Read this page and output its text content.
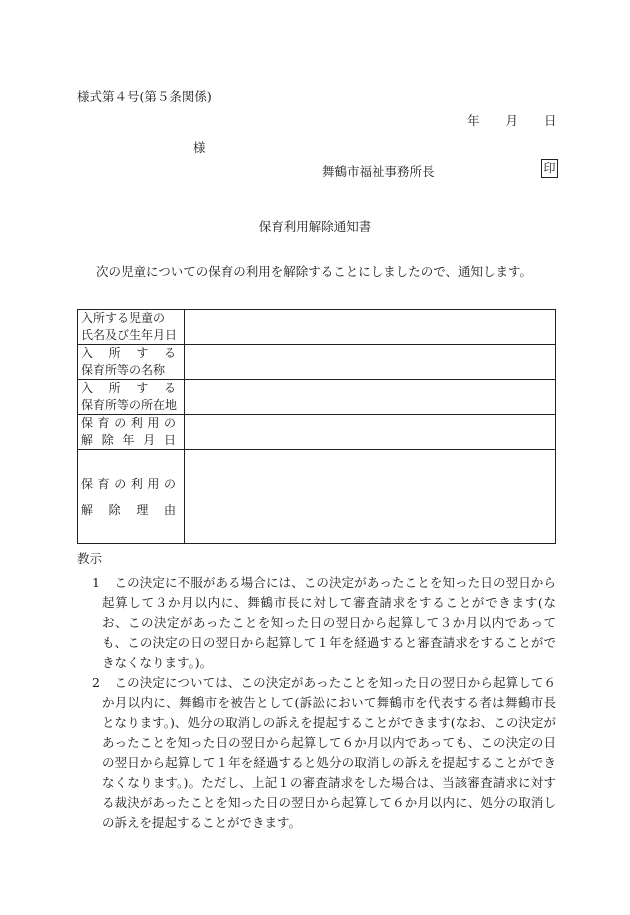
様式第４号(第５条関係)
年 月 日
様
舞鶴市福祉事務所長	印
保育利用解除通知書
次の児童についての保育の利用を解除することにしましたので、通知します。
入所する児童の
氏名及び生年月日	

入　所　す　る
保育所等の名称	

入　所　す　る
保育所等の所在地	

保育の利用の
解除年月日	

保育の利用の
解除理由	

教示
1	この決定に不服がある場合には、この決定があったことを知った日の翌日から起算して３か月以内に、舞鶴市長に対して審査請求をすることができます(なお、この決定があったことを知った日の翌日から起算して３か月以内であっても、この決定の日の翌日から起算して１年を経過すると審査請求をすることができなくなります。)。
2	この決定については、この決定があったことを知った日の翌日から起算して６か月以内に、舞鶴市を被告として(訴訟において舞鶴市を代表する者は舞鶴市長となります。)、処分の取消しの訴えを提起することができます(なお、この決定があったことを知った日の翌日から起算して６か月以内であっても、この決定の日の翌日から起算して１年を経過すると処分の取消しの訴えを提起することができなくなります。)。ただし、上記１の審査請求をした場合は、当該審査請求に対する裁決があったことを知った日の翌日から起算して６か月以内に、処分の取消しの訴えを提起することができます。
